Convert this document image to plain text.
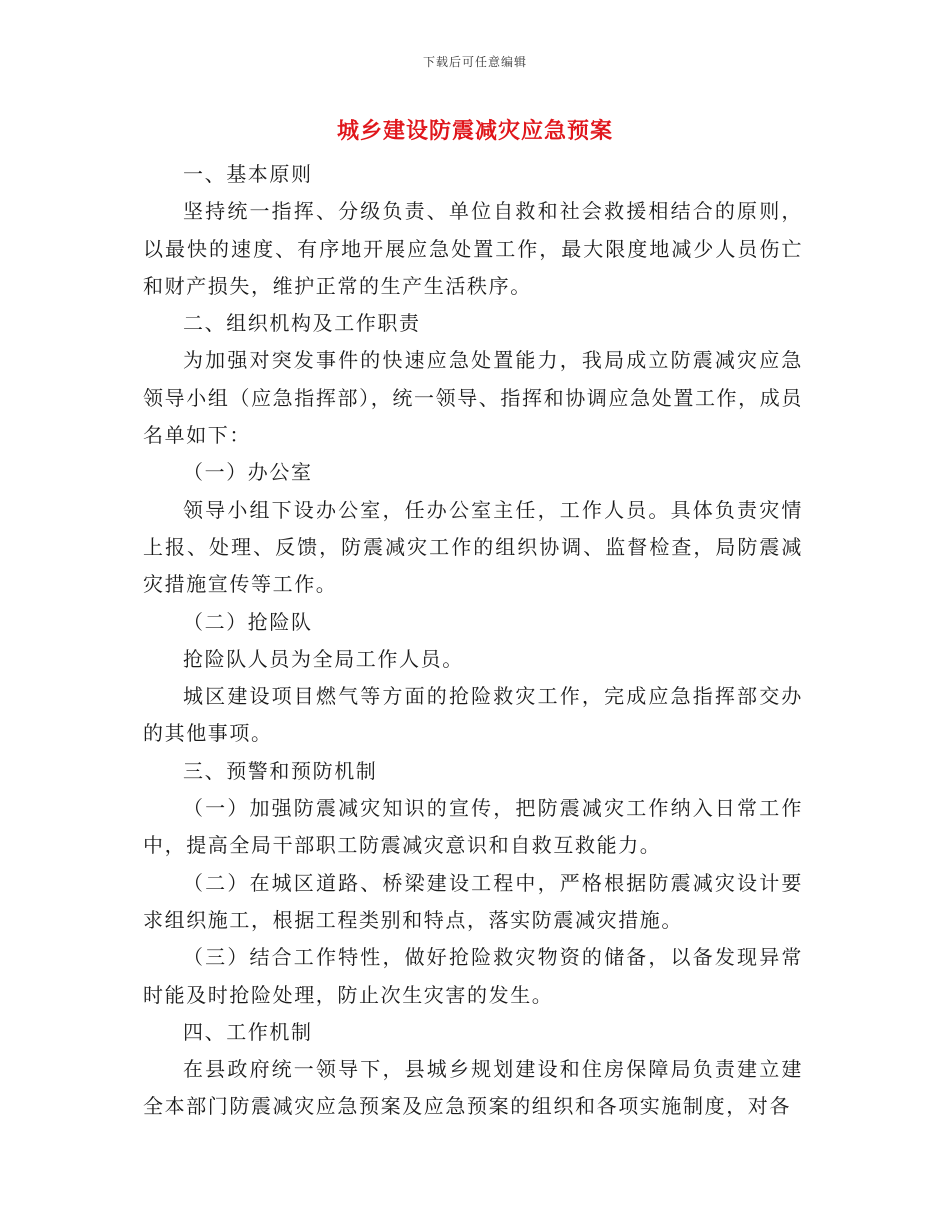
下载后可任意编辑
城乡建设防震减灾应急预案

一、基本原则

坚持统一指挥、分级负责、单位自救和社会救援相结合的原则，以最快的速度、有序地开展应急处置工作，最大限度地减少人员伤亡和财产损失，维护正常的生产生活秩序。

二、组织机构及工作职责

为加强对突发事件的快速应急处置能力，我局成立防震减灾应急领导小组（应急指挥部），统一领导、指挥和协调应急处置工作，成员名单如下：

（一）办公室

领导小组下设办公室，任办公室主任，工作人员。具体负责灾情上报、处理、反馈，防震减灾工作的组织协调、监督检查，局防震减灾措施宣传等工作。

（二）抢险队

抢险队人员为全局工作人员。

城区建设项目燃气等方面的抢险救灾工作，完成应急指挥部交办的其他事项。

三、预警和预防机制

（一）加强防震减灾知识的宣传，把防震减灾工作纳入日常工作中，提高全局干部职工防震减灾意识和自救互救能力。

（二）在城区道路、桥梁建设工程中，严格根据防震减灾设计要求组织施工，根据工程类别和特点，落实防震减灾措施。

（三）结合工作特性，做好抢险救灾物资的储备，以备发现异常时能及时抢险处理，防止次生灾害的发生。

四、工作机制

在县政府统一领导下，县城乡规划建设和住房保障局负责建立建全本部门防震减灾应急预案及应急预案的组织和各项实施制度，对各
